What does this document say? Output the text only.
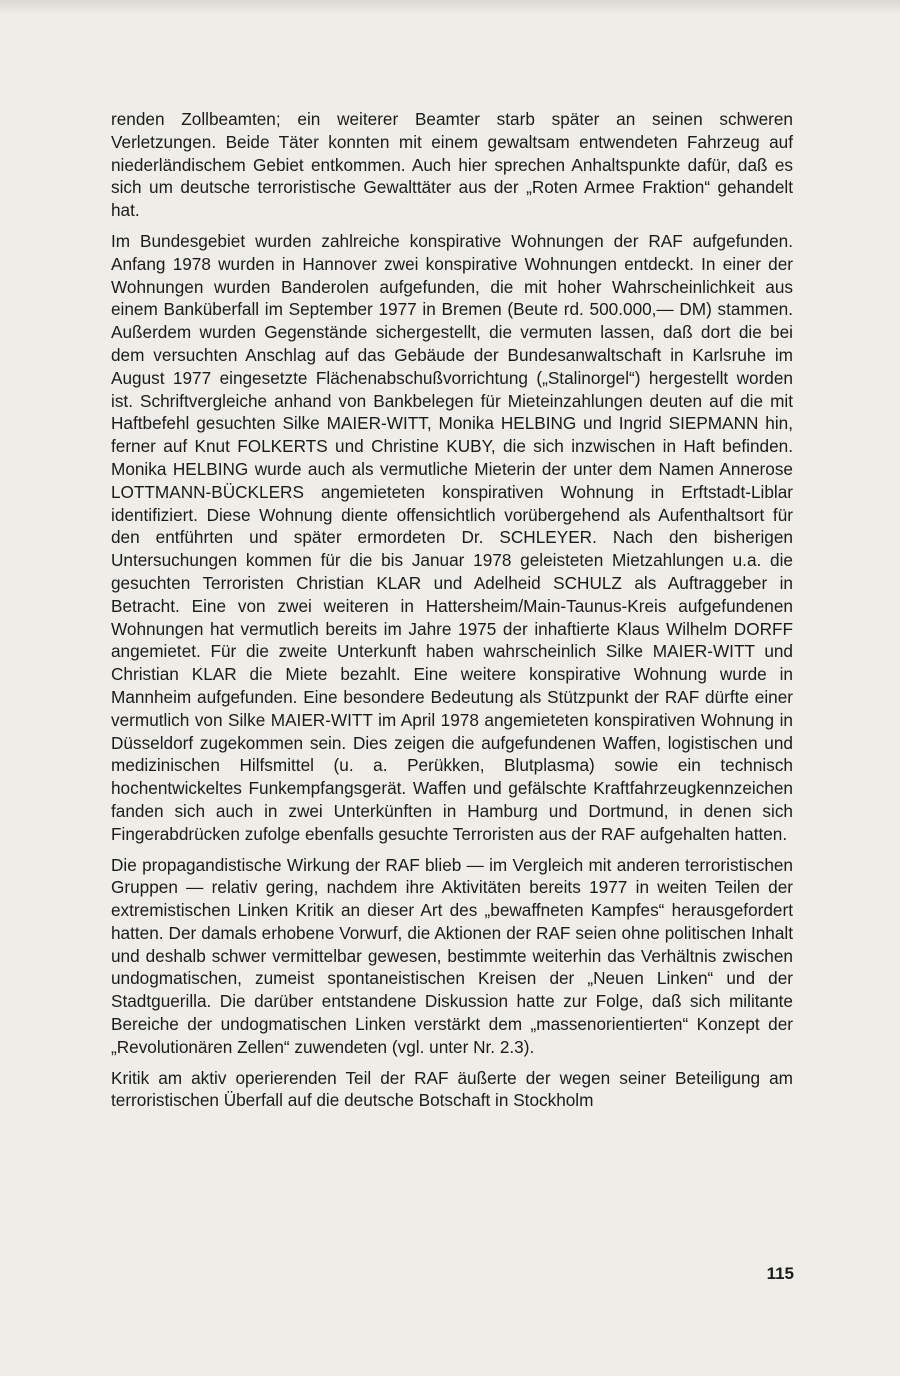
renden Zollbeamten; ein weiterer Beamter starb später an seinen schweren Verletzungen. Beide Täter konnten mit einem gewaltsam entwendeten Fahrzeug auf niederländischem Gebiet entkommen. Auch hier sprechen Anhaltspunkte dafür, daß es sich um deutsche terroristische Gewalttäter aus der „Roten Armee Fraktion“ gehandelt hat.

Im Bundesgebiet wurden zahlreiche konspirative Wohnungen der RAF aufgefunden. Anfang 1978 wurden in Hannover zwei konspirative Wohnungen entdeckt. In einer der Wohnungen wurden Banderolen aufgefunden, die mit hoher Wahrscheinlichkeit aus einem Banküberfall im September 1977 in Bremen (Beute rd. 500.000,— DM) stammen. Außerdem wurden Gegenstände sichergestellt, die vermuten lassen, daß dort die bei dem versuchten Anschlag auf das Gebäude der Bundesanwaltschaft in Karlsruhe im August 1977 eingesetzte Flächenabschußvorrichtung („Stalinorgel“) hergestellt worden ist. Schriftvergleiche anhand von Bankbelegen für Mieteinzahlungen deuten auf die mit Haftbefehl gesuchten Silke MAIER-WITT, Monika HELBING und Ingrid SIEPMANN hin, ferner auf Knut FOLKERTS und Christine KUBY, die sich inzwischen in Haft befinden. Monika HELBING wurde auch als vermutliche Mieterin der unter dem Namen Annerose LOTTMANN-BÜCKLERS angemieteten konspirativen Wohnung in Erftstadt-Liblar identifiziert. Diese Wohnung diente offensichtlich vorübergehend als Aufenthaltsort für den entführten und später ermordeten Dr. SCHLEYER. Nach den bisherigen Untersuchungen kommen für die bis Januar 1978 geleisteten Mietzahlungen u.a. die gesuchten Terroristen Christian KLAR und Adelheid SCHULZ als Auftraggeber in Betracht. Eine von zwei weiteren in Hattersheim/Main-Taunus-Kreis aufgefundenen Wohnungen hat vermutlich bereits im Jahre 1975 der inhaftierte Klaus Wilhelm DORFF angemietet. Für die zweite Unterkunft haben wahrscheinlich Silke MAIER-WITT und Christian KLAR die Miete bezahlt. Eine weitere konspirative Wohnung wurde in Mannheim aufgefunden. Eine besondere Bedeutung als Stützpunkt der RAF dürfte einer vermutlich von Silke MAIER-WITT im April 1978 angemieteten konspirativen Wohnung in Düsseldorf zugekommen sein. Dies zeigen die aufgefundenen Waffen, logistischen und medizinischen Hilfsmittel (u. a. Perükken, Blutplasma) sowie ein technisch hochentwickeltes Funkempfangsgerät. Waffen und gefälschte Kraftfahrzeugkennzeichen fanden sich auch in zwei Unterkünften in Hamburg und Dortmund, in denen sich Fingerabdrücken zufolge ebenfalls gesuchte Terroristen aus der RAF aufgehalten hatten.

Die propagandistische Wirkung der RAF blieb — im Vergleich mit anderen terroristischen Gruppen — relativ gering, nachdem ihre Aktivitäten bereits 1977 in weiten Teilen der extremistischen Linken Kritik an dieser Art des „bewaffneten Kampfes“ herausgefordert hatten. Der damals erhobene Vorwurf, die Aktionen der RAF seien ohne politischen Inhalt und deshalb schwer vermittelbar gewesen, bestimmte weiterhin das Verhältnis zwischen undogmatischen, zumeist spontaneistischen Kreisen der „Neuen Linken“ und der Stadtguerilla. Die darüber entstandene Diskussion hatte zur Folge, daß sich militante Bereiche der undogmatischen Linken verstärkt dem „massenorientierten“ Konzept der „Revolutionären Zellen“ zuwendeten (vgl. unter Nr. 2.3).

Kritik am aktiv operierenden Teil der RAF äußerte der wegen seiner Beteiligung am terroristischen Überfall auf die deutsche Botschaft in Stockholm

115
